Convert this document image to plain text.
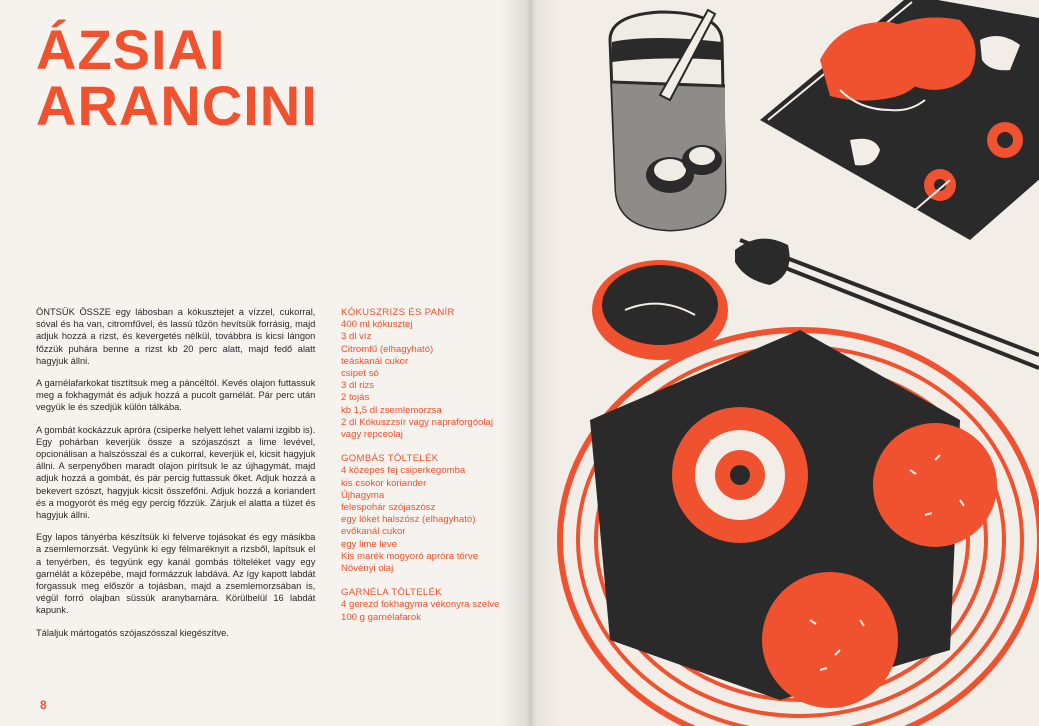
ÁZSIAI
ARANCINI

ÖNTSÜK ÖSSZE egy lábosban a kókusztejet a vízzel, cukorral, sóval és ha van, citromfűvel, és lassú tűzön hevítsük forrásig, majd adjuk hozzá a rizst, és kevergetés nélkül, továbbra is kicsi lángon főzzük puhára benne a rizst kb 20 perc alatt, majd fedő alatt hagyjuk állni.

A garnélafarkokat tisztítsuk meg a páncéltól. Kevés olajon futtassuk meg a fokhagymát és adjuk hozzá a pucolt garnélát. Pár perc után vegyük le és szedjük külön tálkába.

A gombát kockázzuk apróra (csiperke helyett lehet valami izgibb is). Egy pohárban keverjük össze a szójaszószt a lime levével, opcionálisan a halszósszal és a cukorral, keverjük el, kicsit hagyjuk állni. A serpenyőben maradt olajon pirítsuk le az újhagymát, majd adjuk hozzá a gombát, és pár percig futtassuk őket. Adjuk hozzá a bekevert szószt, hagyjuk kicsit összefőni. Adjuk hozzá a koriandert és a mogyorót és még egy percig főzzük. Zárjuk el alatta a tüzet és hagyjuk állni.

Egy lapos tányérba készítsük ki felverve tojásokat és egy másikba a zsemlemorzsát. Vegyünk ki egy félmaréknyit a rizsből, lapítsuk el a tenyérben, és tegyünk egy kanál gombás tölteléket vagy egy garnélát a közepébe, majd formázzuk labdává. Az így kapott labdát forgassuk meg először a tojásban, majd a zsemlemorzsában is, végül forró olajban süssük aranybarnára. Körülbelül 16 labdát kapunk.

Tálaljuk mártogatós szójaszósszal kiegészítve.

KÓKUSZRIZS ÉS PANÍR
400 ml kókusztej
3 dl víz
Citromfű (elhagyható)
teáskanál cukor
csipet só
3 dl rizs
2 tojás
kb 1,5 dl zsemlemorzsa
2 dl Kókuszzsír vagy napraforgóolaj
vagy repceolaj
GOMBÁS TÖLTELÉK
4 közepes fej csiperkegomba
kis csokor koriander
Újhagyma
felespohár szójaszósz
egy löket halszósz (elhagyható)
evőkanál cukor
egy lime leve
Kis marék mogyoró apróra törve
Növényi olaj
GARNÉLA TÖLTELÉK
4 gerezd fokhagyma vékonyra szelve
100 g garnélafarok
8
